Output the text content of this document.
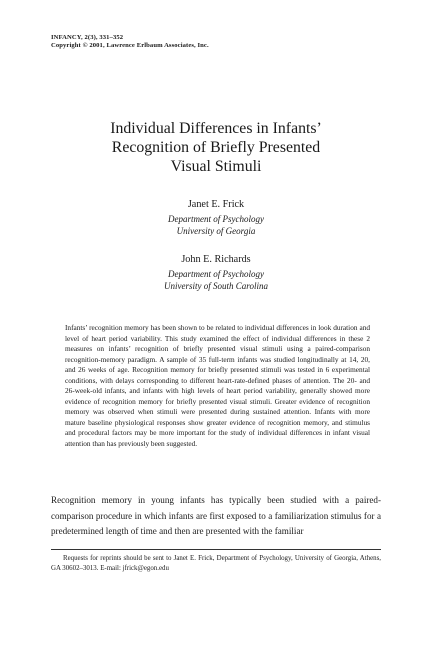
INFANCY, 2(3), 331–352
Copyright © 2001, Lawrence Erlbaum Associates, Inc.
Individual Differences in Infants’
Recognition of Briefly Presented
Visual Stimuli
Janet E. Frick
Department of Psychology
University of Georgia
John E. Richards
Department of Psychology
University of South Carolina
Infants’ recognition memory has been shown to be related to individual differences in look duration and level of heart period variability. This study examined the effect of individual differences in these 2 measures on infants’ recognition of briefly presented visual stimuli using a paired-comparison recognition-memory paradigm. A sample of 35 full-term infants was studied longitudinally at 14, 20, and 26 weeks of age. Recognition memory for briefly presented stimuli was tested in 6 experimental conditions, with delays corresponding to different heart-rate-defined phases of attention. The 20- and 26-week-old infants, and infants with high levels of heart period variability, generally showed more evidence of recognition memory for briefly presented visual stimuli. Greater evidence of recognition memory was observed when stimuli were presented during sustained attention. Infants with more mature baseline physiological responses show greater evidence of recognition memory, and stimulus and procedural factors may be more important for the study of individual differences in infant visual attention than has previously been suggested.
Recognition memory in young infants has typically been studied with a paired-comparison procedure in which infants are first exposed to a familiarization stimulus for a predetermined length of time and then are presented with the familiar
Requests for reprints should be sent to Janet E. Frick, Department of Psychology, University of Georgia, Athens, GA 30602–3013. E-mail: jfrick@egon.edu
